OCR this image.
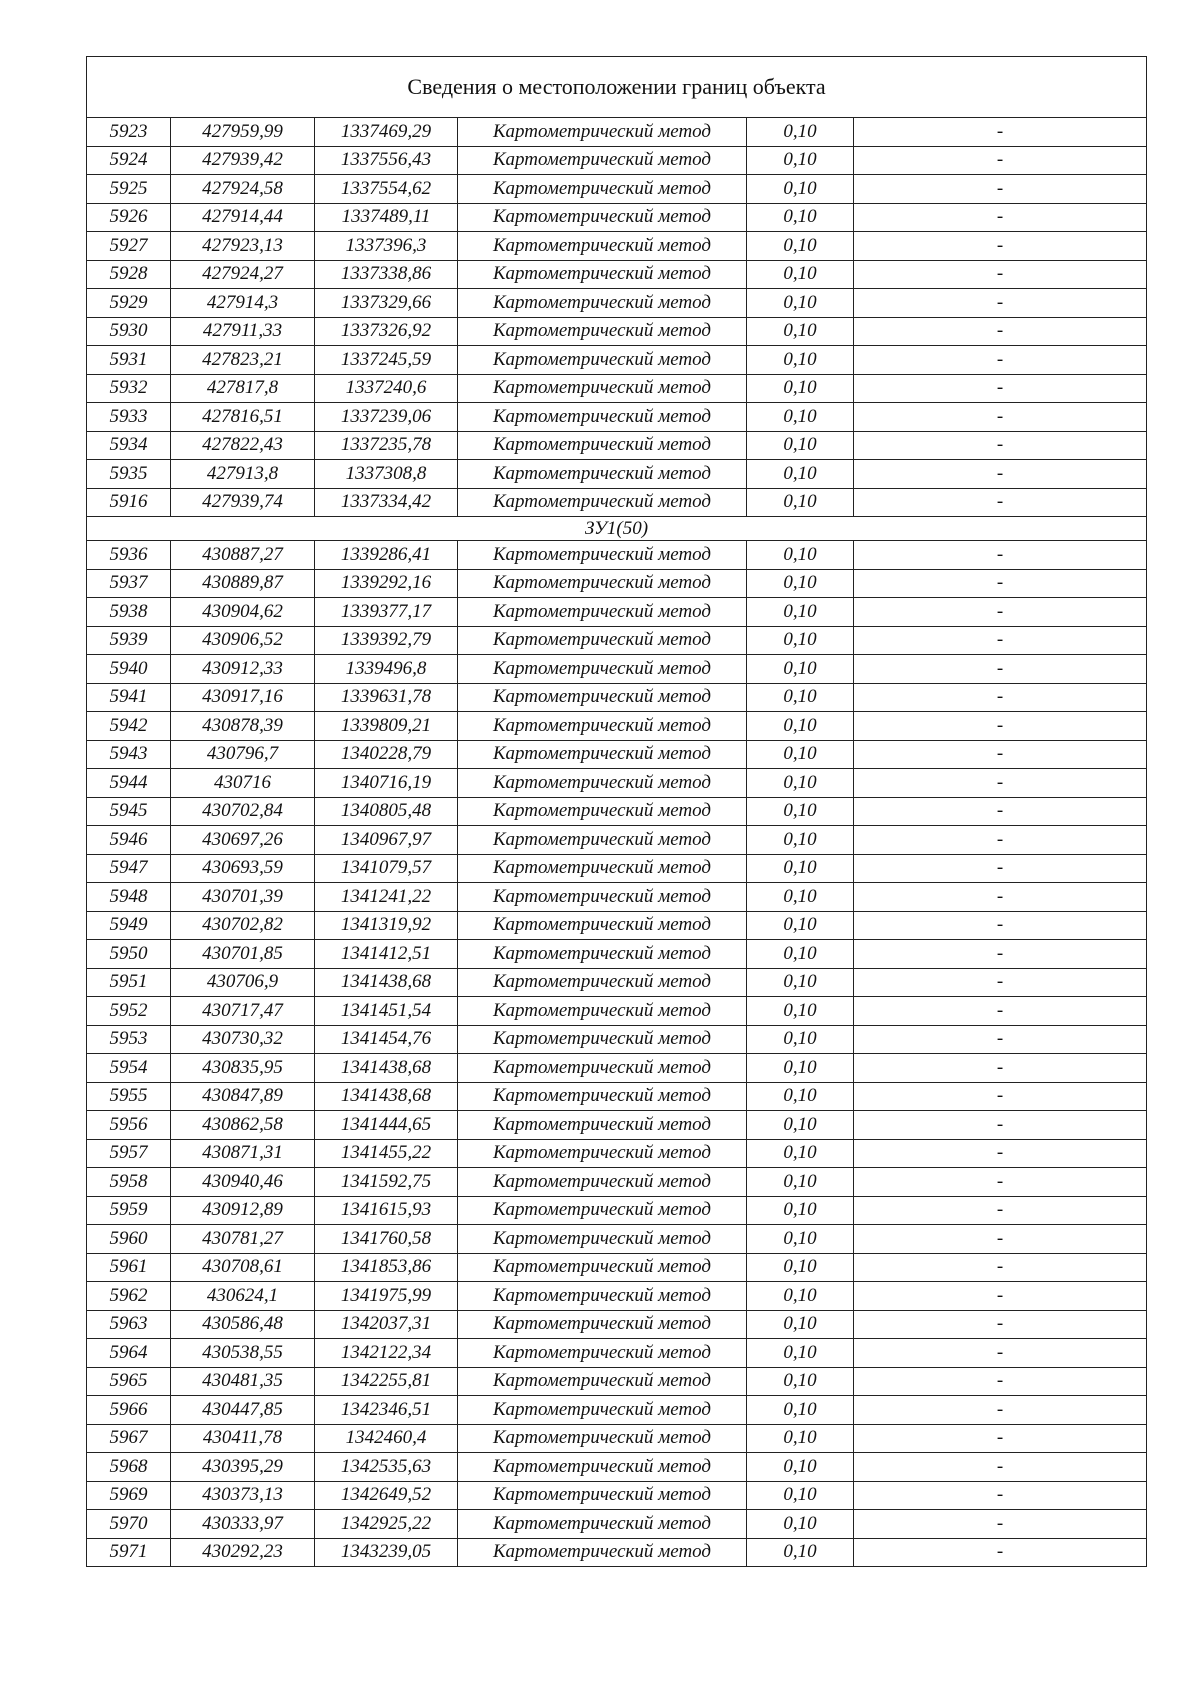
Сведения о местоположении границ объекта					
5923	427959,99	1337469,29	Картометрический метод	0,10	-
5924	427939,42	1337556,43	Картометрический метод	0,10	-
5925	427924,58	1337554,62	Картометрический метод	0,10	-
5926	427914,44	1337489,11	Картометрический метод	0,10	-
5927	427923,13	1337396,3	Картометрический метод	0,10	-
5928	427924,27	1337338,86	Картометрический метод	0,10	-
5929	427914,3	1337329,66	Картометрический метод	0,10	-
5930	427911,33	1337326,92	Картометрический метод	0,10	-
5931	427823,21	1337245,59	Картометрический метод	0,10	-
5932	427817,8	1337240,6	Картометрический метод	0,10	-
5933	427816,51	1337239,06	Картометрический метод	0,10	-
5934	427822,43	1337235,78	Картометрический метод	0,10	-
5935	427913,8	1337308,8	Картометрический метод	0,10	-
5916	427939,74	1337334,42	Картометрический метод	0,10	-
ЗУ1(50)					
5936	430887,27	1339286,41	Картометрический метод	0,10	-
5937	430889,87	1339292,16	Картометрический метод	0,10	-
5938	430904,62	1339377,17	Картометрический метод	0,10	-
5939	430906,52	1339392,79	Картометрический метод	0,10	-
5940	430912,33	1339496,8	Картометрический метод	0,10	-
5941	430917,16	1339631,78	Картометрический метод	0,10	-
5942	430878,39	1339809,21	Картометрический метод	0,10	-
5943	430796,7	1340228,79	Картометрический метод	0,10	-
5944	430716	1340716,19	Картометрический метод	0,10	-
5945	430702,84	1340805,48	Картометрический метод	0,10	-
5946	430697,26	1340967,97	Картометрический метод	0,10	-
5947	430693,59	1341079,57	Картометрический метод	0,10	-
5948	430701,39	1341241,22	Картометрический метод	0,10	-
5949	430702,82	1341319,92	Картометрический метод	0,10	-
5950	430701,85	1341412,51	Картометрический метод	0,10	-
5951	430706,9	1341438,68	Картометрический метод	0,10	-
5952	430717,47	1341451,54	Картометрический метод	0,10	-
5953	430730,32	1341454,76	Картометрический метод	0,10	-
5954	430835,95	1341438,68	Картометрический метод	0,10	-
5955	430847,89	1341438,68	Картометрический метод	0,10	-
5956	430862,58	1341444,65	Картометрический метод	0,10	-
5957	430871,31	1341455,22	Картометрический метод	0,10	-
5958	430940,46	1341592,75	Картометрический метод	0,10	-
5959	430912,89	1341615,93	Картометрический метод	0,10	-
5960	430781,27	1341760,58	Картометрический метод	0,10	-
5961	430708,61	1341853,86	Картометрический метод	0,10	-
5962	430624,1	1341975,99	Картометрический метод	0,10	-
5963	430586,48	1342037,31	Картометрический метод	0,10	-
5964	430538,55	1342122,34	Картометрический метод	0,10	-
5965	430481,35	1342255,81	Картометрический метод	0,10	-
5966	430447,85	1342346,51	Картометрический метод	0,10	-
5967	430411,78	1342460,4	Картометрический метод	0,10	-
5968	430395,29	1342535,63	Картометрический метод	0,10	-
5969	430373,13	1342649,52	Картометрический метод	0,10	-
5970	430333,97	1342925,22	Картометрический метод	0,10	-
5971	430292,23	1343239,05	Картометрический метод	0,10	-
